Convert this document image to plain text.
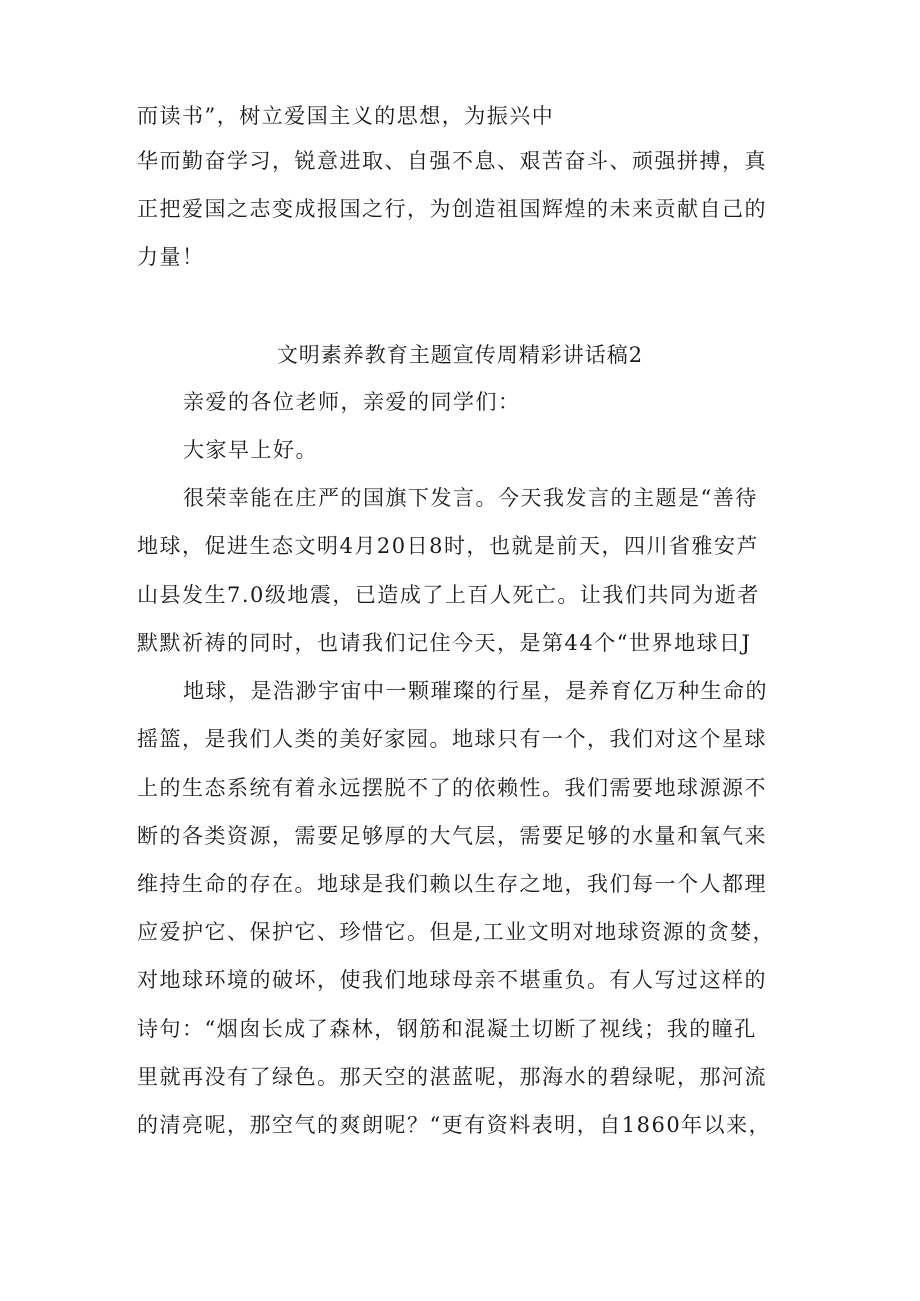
而读书”，树立爱国主义的思想，为振兴中
华而勤奋学习，锐意进取、自强不息、艰苦奋斗、顽强拼搏，真
正把爱国之志变成报国之行，为创造祖国辉煌的未来贡献自己的
力量！
文明素养教育主题宣传周精彩讲话稿2
亲爱的各位老师，亲爱的同学们：
大家早上好。
很荣幸能在庄严的国旗下发言。今天我发言的主题是“善待
地球，促进生态文明4月20日8时，也就是前天，四川省雅安芦
山县发生7.0级地震，已造成了上百人死亡。让我们共同为逝者
默默祈祷的同时，也请我们记住今天，是第44个“世界地球日J
地球，是浩渺宇宙中一颗璀璨的行星，是养育亿万种生命的
摇篮，是我们人类的美好家园。地球只有一个，我们对这个星球
上的生态系统有着永远摆脱不了的依赖性。我们需要地球源源不
断的各类资源，需要足够厚的大气层，需要足够的水量和氧气来
维持生命的存在。地球是我们赖以生存之地，我们每一个人都理
应爱护它、保护它、珍惜它。但是,工业文明对地球资源的贪婪，
对地球环境的破坏，使我们地球母亲不堪重负。有人写过这样的
诗句：“烟囱长成了森林，钢筋和混凝土切断了视线；我的瞳孔
里就再没有了绿色。那天空的湛蓝呢，那海水的碧绿呢，那河流
的清亮呢，那空气的爽朗呢？“更有资料表明，自1860年以来，
